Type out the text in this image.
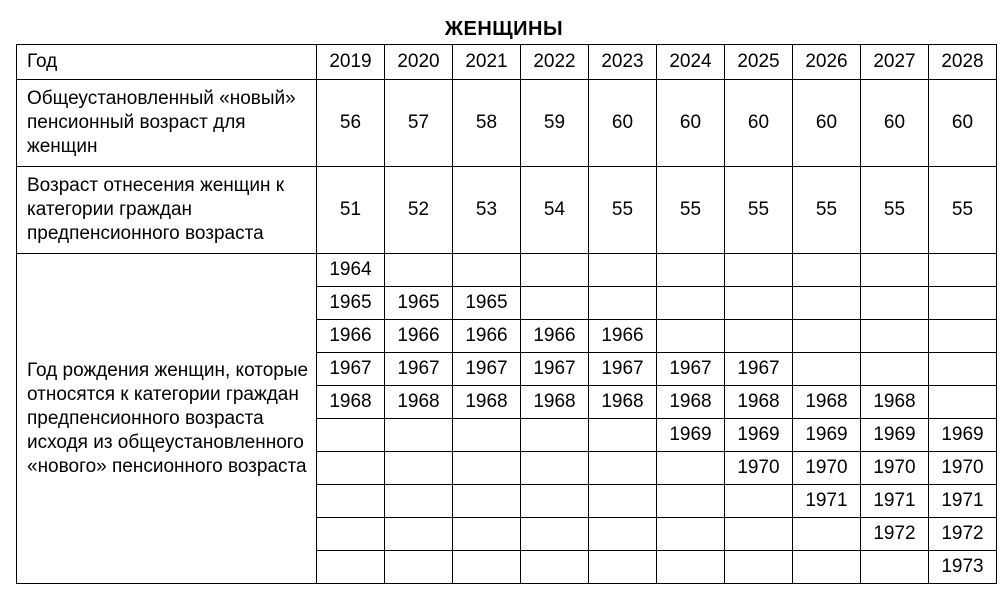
ЖЕНЩИНЫ
Год	2019	2020	2021	2022	2023	2024	2025	2026	2027	2028
Общеустановленный «новый» пенсионный возраст для женщин	56	57	58	59	60	60	60	60	60	60
Возраст отнесения женщин к категории граждан предпенсионного возраста	51	52	53	54	55	55	55	55	55	55
Год рождения женщин, которые относятся к категории граждан предпенсионного возраста исходя из общеустановленного «нового» пенсионного возраста	1964									
	1965	1965	1965							
	1966	1966	1966	1966	1966					
	1967	1967	1967	1967	1967	1967	1967			
	1968	1968	1968	1968	1968	1968	1968	1968	1968	
						1969	1969	1969	1969	1969
							1970	1970	1970	1970
								1971	1971	1971
									1972	1972
										1973
